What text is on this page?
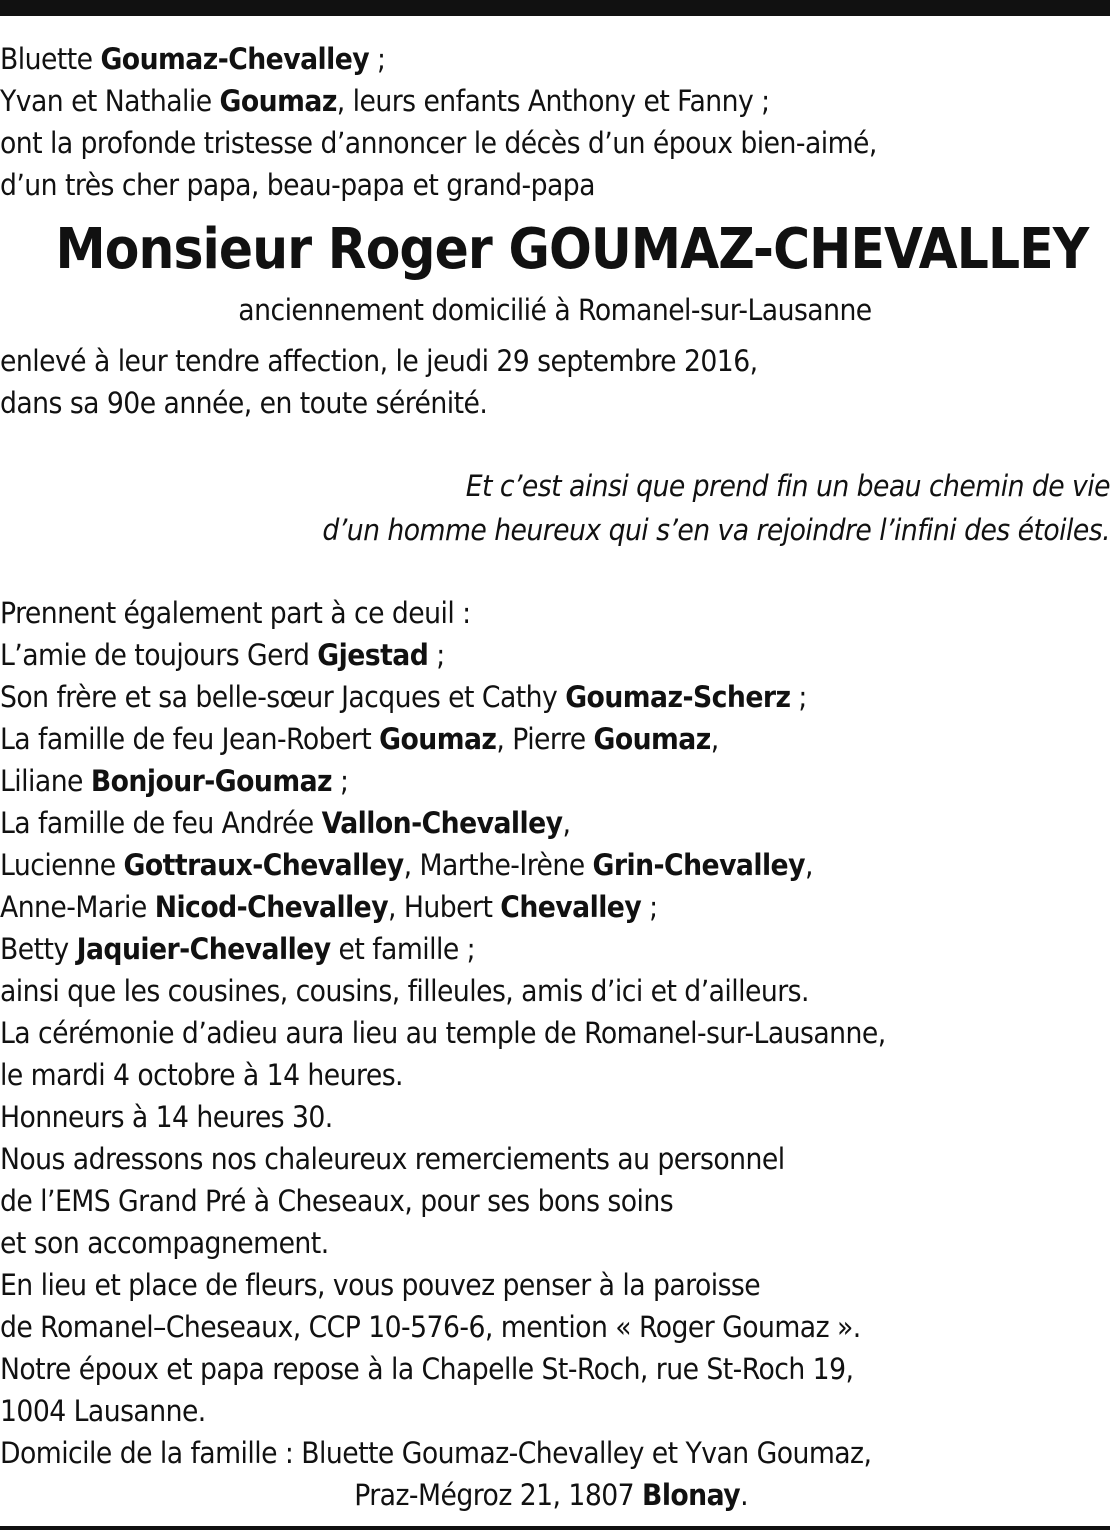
Bluette Goumaz-Chevalley ;
Yvan et Nathalie Goumaz, leurs enfants Anthony et Fanny ;
ont la profonde tristesse d’annoncer le décès d’un époux bien-aimé,
d’un très cher papa, beau-papa et grand-papa
Monsieur Roger GOUMAZ-CHEVALLEY
anciennement domicilié à Romanel-sur-Lausanne
enlevé à leur tendre affection, le jeudi 29 septembre 2016,
dans sa 90e année, en toute sérénité.
Et c’est ainsi que prend fin un beau chemin de vie
d’un homme heureux qui s’en va rejoindre l’infini des étoiles.
Prennent également part à ce deuil :
L’amie de toujours Gerd Gjestad ;
Son frère et sa belle-sœur Jacques et Cathy Goumaz-Scherz ;
La famille de feu Jean-Robert Goumaz, Pierre Goumaz,
Liliane Bonjour-Goumaz ;
La famille de feu Andrée Vallon-Chevalley,
Lucienne Gottraux-Chevalley, Marthe-Irène Grin-Chevalley,
Anne-Marie Nicod-Chevalley, Hubert Chevalley ;
Betty Jaquier-Chevalley et famille ;
ainsi que les cousines, cousins, filleules, amis d’ici et d’ailleurs.
La cérémonie d’adieu aura lieu au temple de Romanel-sur-Lausanne,
le mardi 4 octobre à 14 heures.
Honneurs à 14 heures 30.
Nous adressons nos chaleureux remerciements au personnel
de l’EMS Grand Pré à Cheseaux, pour ses bons soins
et son accompagnement.
En lieu et place de fleurs, vous pouvez penser à la paroisse
de Romanel–Cheseaux, CCP 10-576-6, mention « Roger Goumaz ».
Notre époux et papa repose à la Chapelle St-Roch, rue St-Roch 19,
1004 Lausanne.
Domicile de la famille : Bluette Goumaz-Chevalley et Yvan Goumaz,
Praz-Mégroz 21, 1807 Blonay.
